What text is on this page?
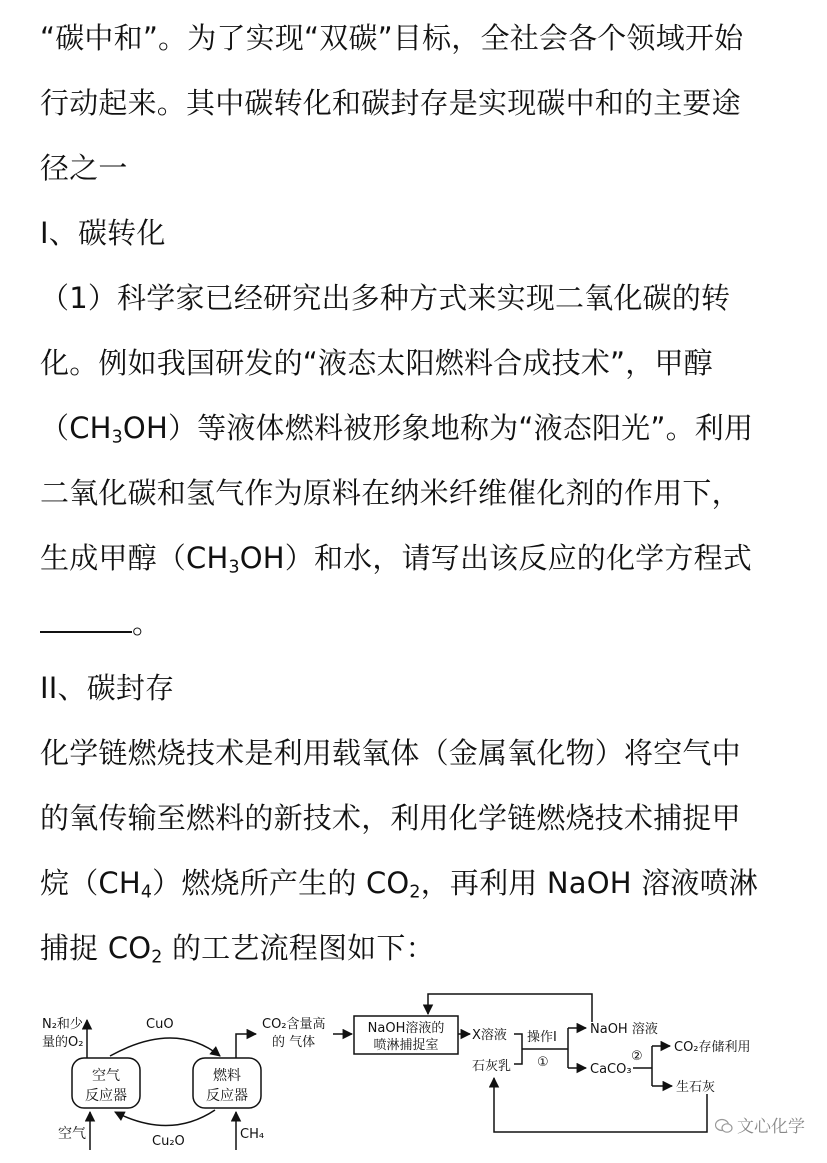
“碳中和”。为了实现“双碳”目标，全社会各个领域开始
行动起来。其中碳转化和碳封存是实现碳中和的主要途
径之一
I、碳转化
（1）科学家已经研究出多种方式来实现二氧化碳的转
化。例如我国研发的“液态太阳燃料合成技术”，甲醇
$(CH_3OH)$等液体燃料被形象地称为“液态阳光”。利用
二氧化碳和氢气作为原料在纳米纤维催化剂的作用下，
生成甲醇$(CH_3OH)$和水，请写出该反应的化学方程式
。
II、碳封存
化学链燃烧技术是利用载氧体（金属氧化物）将空气中
的氧传输至燃料的新技术，利用化学链燃烧技术捕捉甲
烷$(CH_4)$燃烧所产生的 $CO_2$，再利用 NaOH 溶液喷淋
捕捉 $CO_2$ 的工艺流程图如下：
N₂和少
量的O₂
空气
反应器
空气
CuO
Cu₂O
燃料
反应器
CH₄
CO₂含量高
的 气体
NaOH溶液的
喷淋捕捉室
X溶液
石灰乳
操作I
①
NaOH 溶液
CaCO₃
②
CO₂存储利用
生石灰
文心化学
